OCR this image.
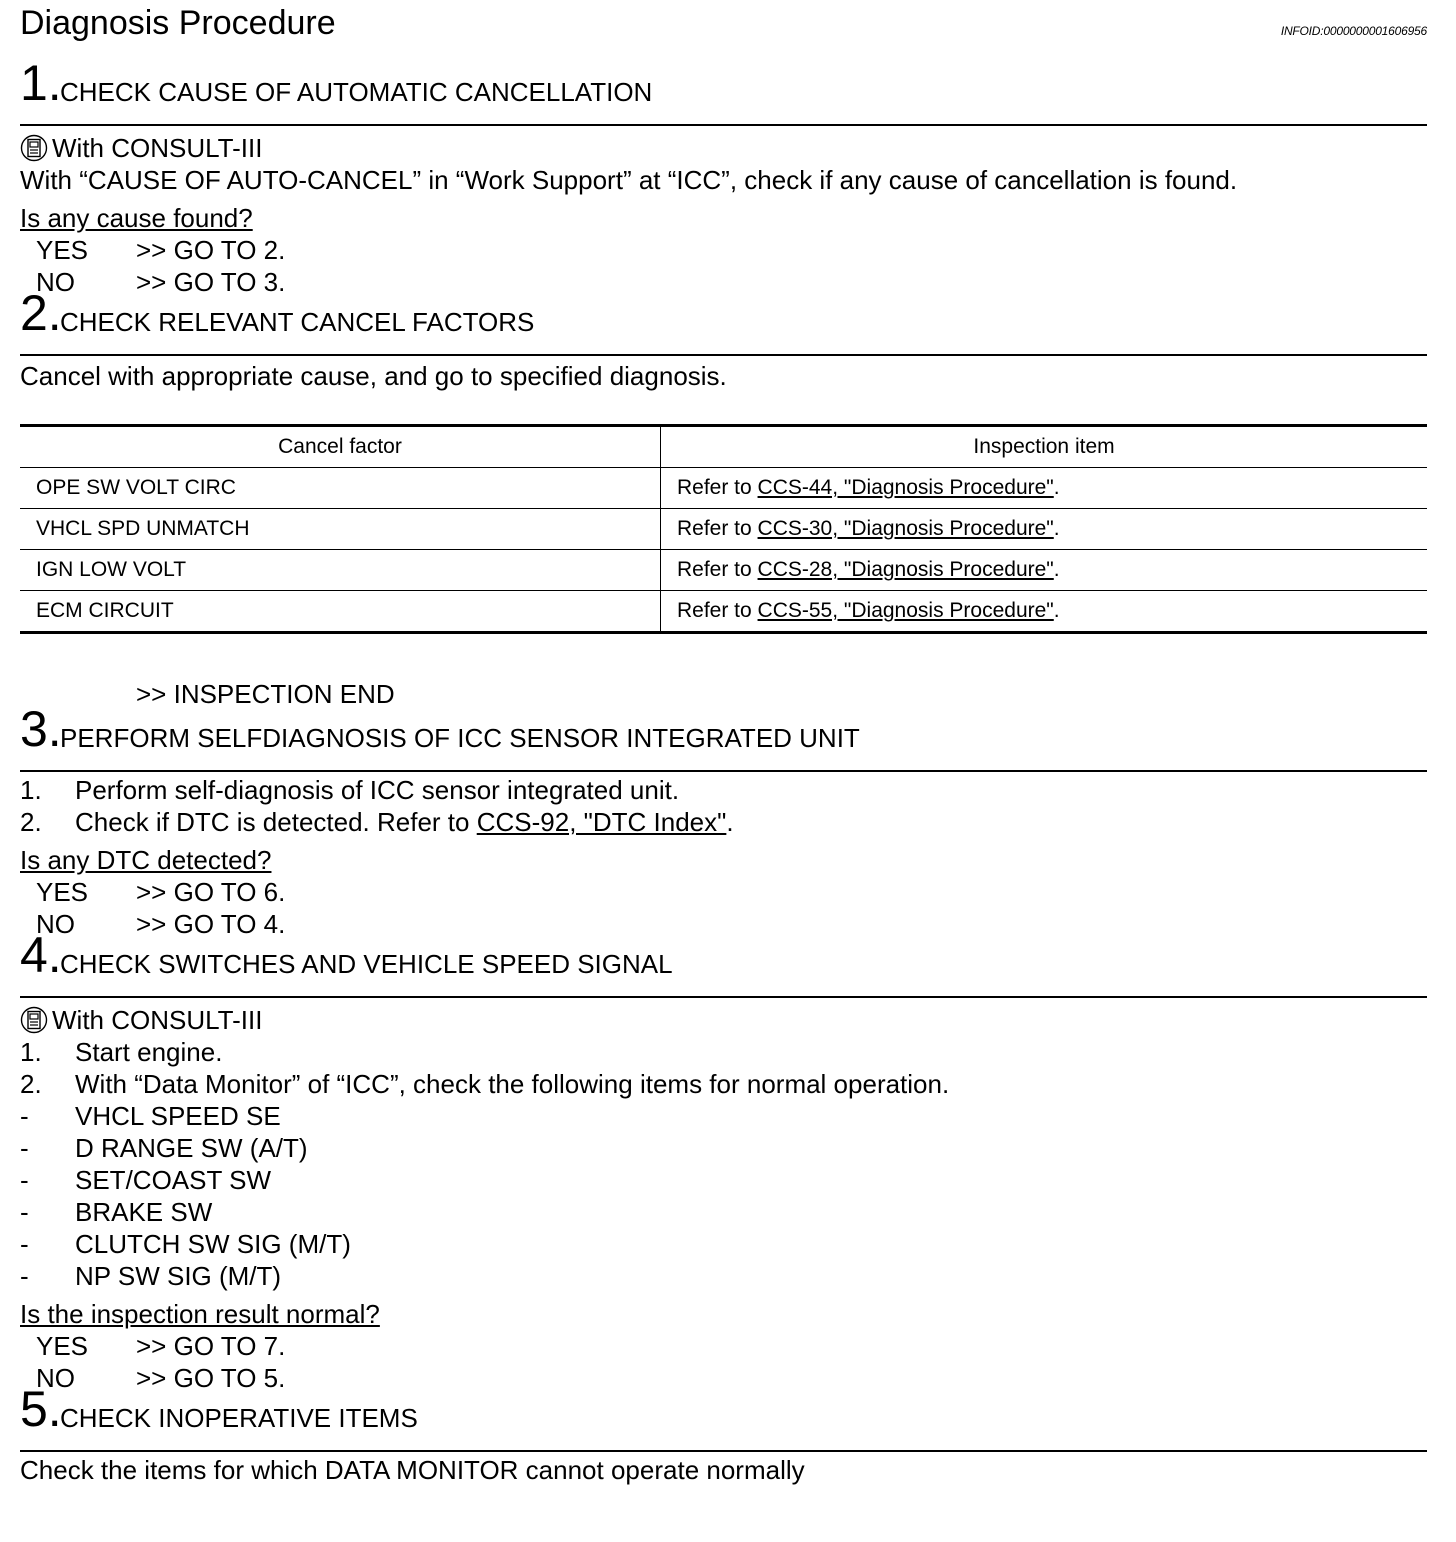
Diagnosis Procedure	INFOID:0000000001606956
1.
CHECK CAUSE OF AUTOMATIC CANCELLATION
With CONSULT-III
With “CAUSE OF AUTO-CANCEL” in “Work Support” at “ICC”, check if any cause of cancellation is found.
Is any cause found?
YES >> GO TO 2.
NO >> GO TO 3.
2.
CHECK RELEVANT CANCEL FACTORS
Cancel with appropriate cause, and go to specified diagnosis.
Cancel factor	Inspection item
OPE SW VOLT CIRC	Refer to CCS-44, "Diagnosis Procedure".
VHCL SPD UNMATCH	Refer to CCS-30, "Diagnosis Procedure".
IGN LOW VOLT	Refer to CCS-28, "Diagnosis Procedure".
ECM CIRCUIT	Refer to CCS-55, "Diagnosis Procedure".
>> INSPECTION END
3.
PERFORM SELFDIAGNOSIS OF ICC SENSOR INTEGRATED UNIT
1. Perform self-diagnosis of ICC sensor integrated unit.
2. Check if DTC is detected. Refer to CCS-92, "DTC Index".
Is any DTC detected?
YES >> GO TO 6.
NO >> GO TO 4.
4.
CHECK SWITCHES AND VEHICLE SPEED SIGNAL
With CONSULT-III
1. Start engine.
2. With “Data Monitor” of “ICC”, check the following items for normal operation.
- VHCL SPEED SE
- D RANGE SW (A/T)
- SET/COAST SW
- BRAKE SW
- CLUTCH SW SIG (M/T)
- NP SW SIG (M/T)
Is the inspection result normal?
YES >> GO TO 7.
NO >> GO TO 5.
5.
CHECK INOPERATIVE ITEMS
Check the items for which DATA MONITOR cannot operate normally
